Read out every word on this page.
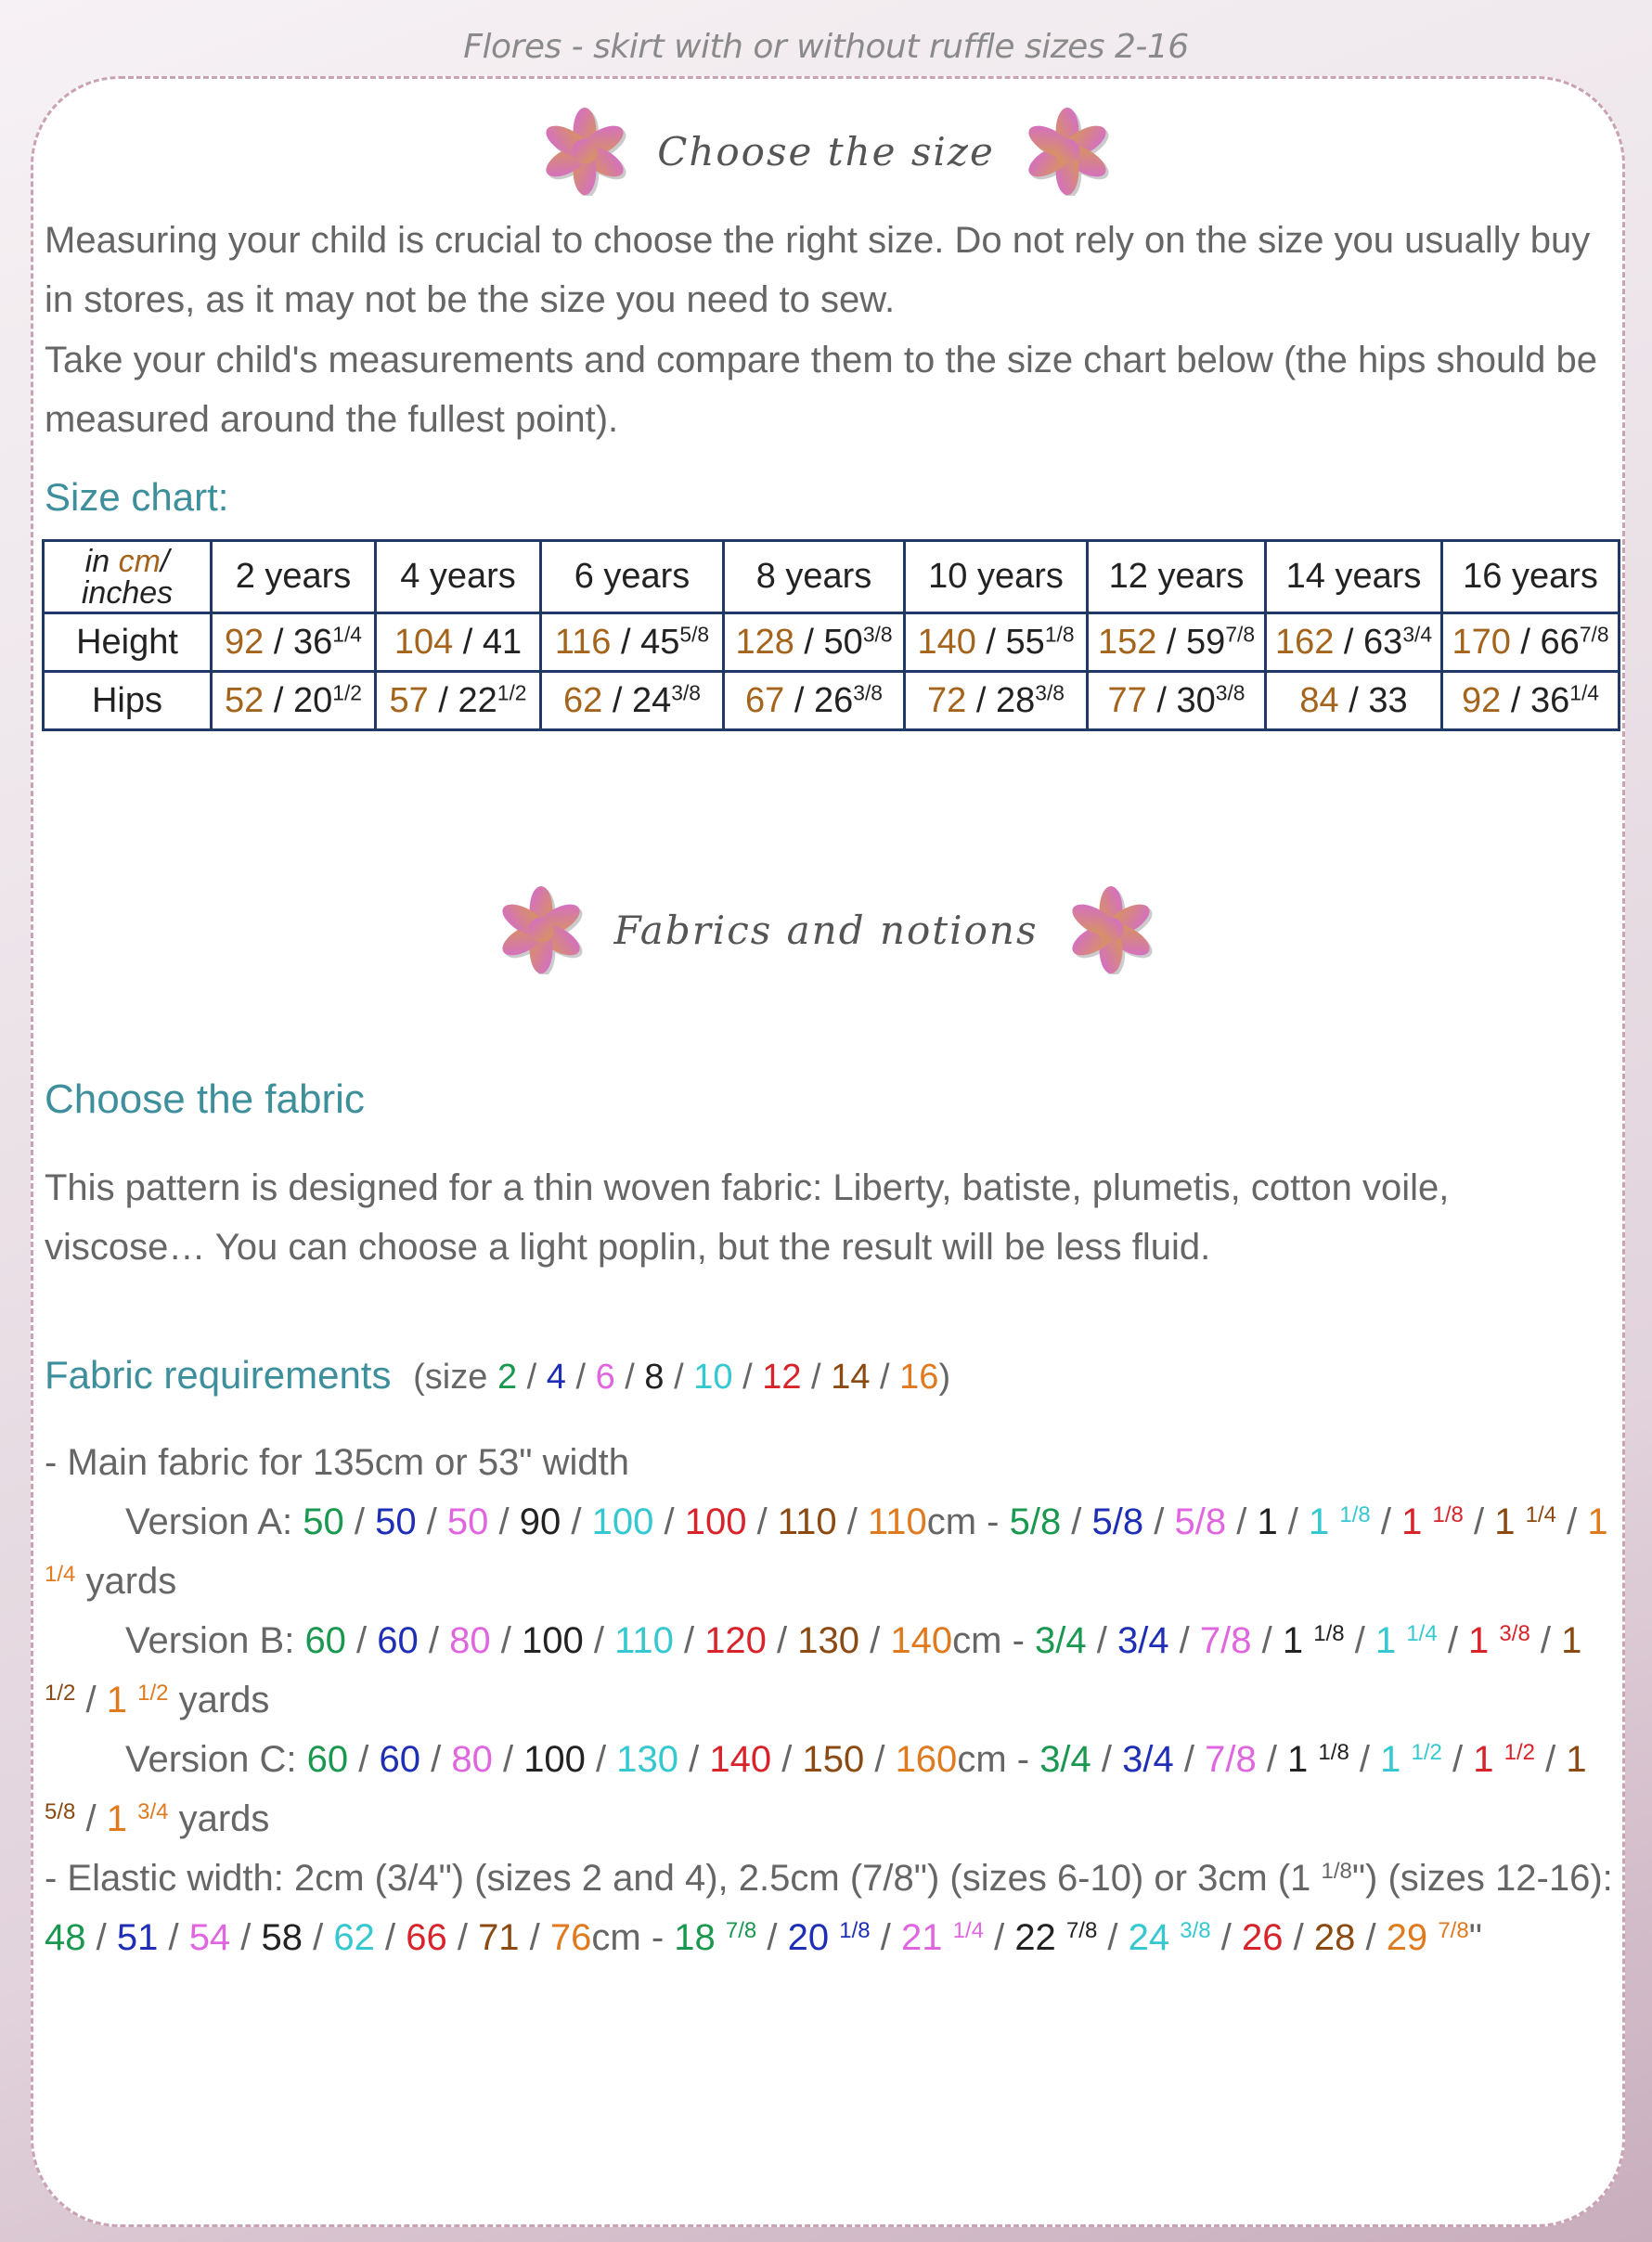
Flores - skirt with or without ruffle sizes 2-16
Choose the size
Measuring your child is crucial to choose the right size. Do not rely on the size you usually buy in stores, as it may not be the size you need to sew.
Take your child's measurements and compare them to the size chart below (the hips should be measured around the fullest point).
Size chart:
in cm/
inches	2 years	4 years	6 years	8 years	10 years	12 years	14 years	16 years
Height	$92 / 36^{1/4}$	104 / 41	$116 / 45^{5/8}$	$128 / 50^{3/8}$	$140 / 55^{1/8}$	$152 / 59^{7/8}$	$162 / 63^{3/4}$	$170 / 66^{7/8}$
Hips	$52 / 20^{1/2}$	$57 / 22^{1/2}$	$62 / 24^{3/8}$	$67 / 26^{3/8}$	$72 / 28^{3/8}$	$77 / 30^{3/8}$	84 / 33	$92 / 36^{1/4}$
Fabrics and notions
Choose the fabric
This pattern is designed for a thin woven fabric: Liberty, batiste, plumetis, cotton voile, viscose… You can choose a light poplin, but the result will be less fluid.
Fabric requirements (size 2 / 4 / 6 / 8 / 10 / 12 / 14 / 16)
- Main fabric for 135cm or 53" width
Version A: 50 / 50 / 50 / 90 / 100 / 100 / 110 / 110cm - 5/8 / 5/8 / 5/8 / 1 / 1 $^{1/8}$ / 1 $^{1/8}$ / 1 $^{1/4}$ / 1 $^{1/4}$ yards
Version B: 60 / 60 / 80 / 100 / 110 / 120 / 130 / 140cm - 3/4 / 3/4 / 7/8 / 1 $^{1/8}$ / 1 $^{1/4}$ / 1 $^{3/8}$ / 1 $^{1/2}$ / 1 $^{1/2}$ yards
Version C: 60 / 60 / 80 / 100 / 130 / 140 / 150 / 160cm - 3/4 / 3/4 / 7/8 / 1 $^{1/8}$ / 1 $^{1/2}$ / 1 $^{1/2}$ / 1 $^{5/8}$ / 1 $^{3/4}$ yards
- Elastic width: 2cm (3/4") (sizes 2 and 4), 2.5cm (7/8") (sizes 6-10) or 3cm (1 $^{1/8}$") (sizes 12-16):
48 / 51 / 54 / 58 / 62 / 66 / 71 / 76cm - 18 $^{7/8}$ / 20 $^{1/8}$ / 21 $^{1/4}$ / 22 $^{7/8}$ / 24 $^{3/8}$ / 26 / 28 / 29 $^{7/8}$"
